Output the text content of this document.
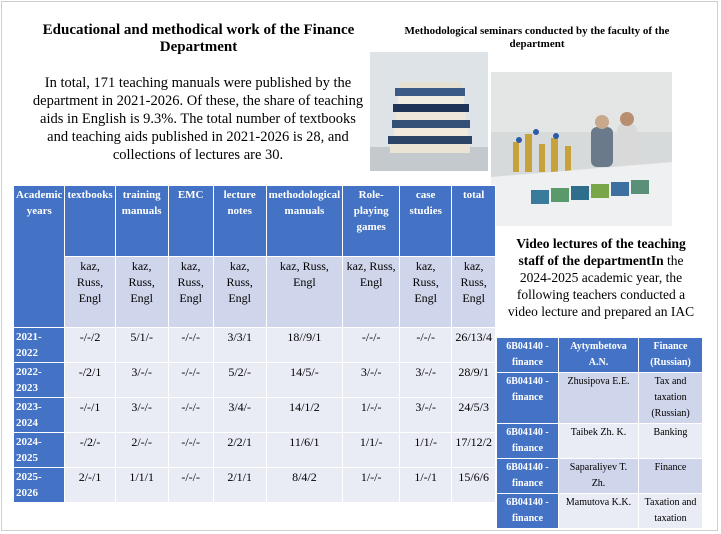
Educational and methodical work of the Finance Department
In total, 171 teaching manuals were published by the department in 2021-2026. Of these, the share of teaching aids in English is 9.3%. The total number of textbooks and teaching aids published in 2021-2026 is 28, and collections of lectures are 30.
Methodological seminars conducted by the faculty of the department
Video lectures of the teaching staff of the departmentIn the 2024-2025 academic year, the following teachers conducted a video lecture and prepared an IAC
Academic years	textbooks	training manuals	EMC	lecture notes	methodological manuals	Role-playing games	case studies	total
	kaz, Russ, Engl	kaz, Russ, Engl	kaz, Russ, Engl	kaz, Russ, Engl	kaz, Russ, Engl	kaz, Russ, Engl	kaz, Russ, Engl	kaz, Russ, Engl
2021-2022	-/-/2	5/1/-	-/-/-	3/3/1	18//9/1	-/-/-	-/-/-	26/13/4
2022-2023	-/2/1	3/-/-	-/-/-	5/2/-	14/5/-	3/-/-	3/-/-	28/9/1
2023-2024	-/-/1	3/-/-	-/-/-	3/4/-	14/1/2	1/-/-	3/-/-	24/5/3
2024-2025	-/2/-	2/-/-	-/-/-	2/2/1	11/6/1	1/1/-	1/1/-	17/12/2
2025-2026	2/-/1	1/1/1	-/-/-	2/1/1	8/4/2	1/-/-	1/-/1	15/6/6
6B04140 - finance	Aytymbetova A.N.	Finance (Russian)
6B04140 - finance	Zhusipova E.E.	Tax and taxation (Russian)
6B04140 - finance	Taibek Zh. K.	Banking
6B04140 - finance	Saparaliyev T. Zh.	Finance
6B04140 - finance	Mamutova K.K.	Taxation and taxation
